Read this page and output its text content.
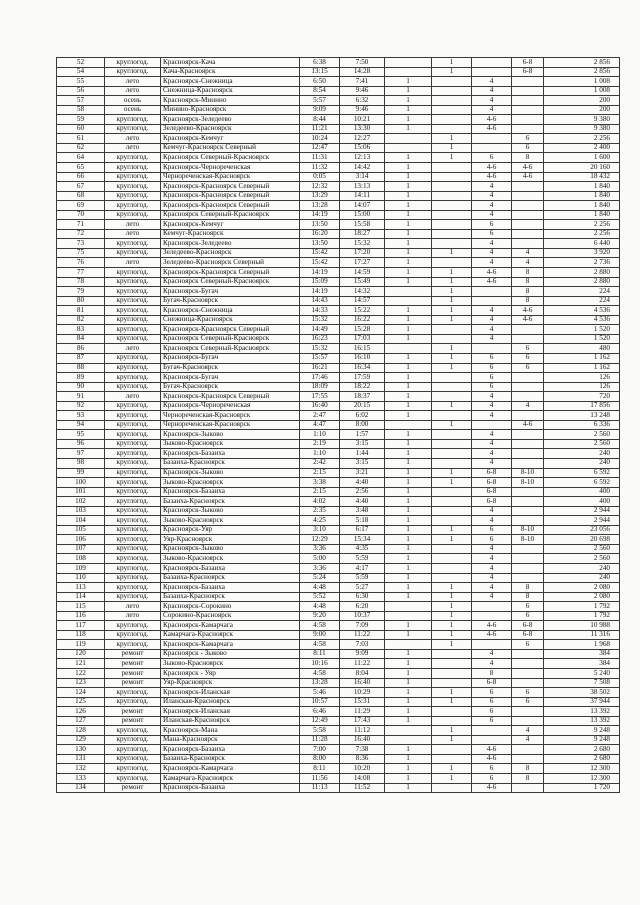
52	круглогод.	Красноярск-Кача	6:38	7:50		1		6-8	2 856
54	круглогод.	Кача-Красноярск	13:15	14:28		1		6-8	2 856
55	лето	Красноярск-Снежница	6:50	7:41	1		4		1 008
56	лето	Снежница-Красноярск	8:54	9:46	1		4		1 008
57	осень	Красноярск-Минино	5:57	6:32	1		4		200
58	осень	Минино-Красноярск	9:09	9:46	1		4		200
59	круглогод.	Красноярск-Зеледеево	8:44	10:21	1		4-6		9 380
60	круглогод.	Зеледеево-Красноярск	11:21	13:30	1		4-6		9 380
61	лето	Красноярск-Кемчуг	10:24	12:27		1		6	2 256
62	лето	Кемчуг-Красноярск Северный	12:47	15:06		1		6	2 400
64	круглогод.	Красноярск Северный-Красноярск	11:31	12:13	1	1	6	8	1 600
65	круглогод.	Красноярск-Чернореченская	11:32	14:42	1		4-6	4-6	20 160
66	круглогод.	Чернореченская-Красноярск	0:05	3:14	1		4-6	4-6	18 432
67	круглогод.	Красноярск-Красноярск Северный	12:32	13:13	1		4		1 840
68	круглогод.	Красноярск-Красноярск Северный	13:29	14:11	1		4		1 840
69	круглогод.	Красноярск-Красноярск Северный	13:28	14:07	1		4		1 840
70	круглогод.	Красноярск Северный-Красноярск	14:19	15:00	1		4		1 840
71	лето	Красноярск-Кемчуг	13:50	15:58	1		6		2 256
72	лето	Кемчуг-Красноярск	16:20	18:27	1		6		2 256
73	круглогод.	Красноярск-Зеледеево	13:50	15:32	1		4		6 440
75	круглогод.	Зеледеево-Красноярск	15:42	17:20	1	1	4	4	3 920
76	лето	Зеледеево-Красноярск Северный	15:42	17:27	1		4	4	2 736
77	круглогод.	Красноярск-Красноярск Северный	14:19	14:59	1	1	4-6	8	2 880
78	круглогод.	Красноярск Северный-Красноярск	15:09	15:49	1	1	4-6	8	2 880
79	круглогод.	Красноярск-Бугач	14:19	14:32		1		8	224
80	круглогод.	Бугач-Красноярск	14:43	14:57		1		8	224
81	круглогод.	Красноярск-Снежница	14:33	15:22	1	1	4	4-6	4 536
82	круглогод.	Снежница-Красноярск	15:32	16:22	1	1	4	4-6	4 536
83	круглогод.	Красноярск-Красноярск Северный	14:49	15:28	1		4		1 520
84	круглогод.	Красноярск Северный-Красноярск	16:23	17:03	1		4		1 520
86	лето	Красноярск Северный-Красноярск	15:32	16:15		1		6	480
87	круглогод.	Красноярск-Бугач	15:57	16:10	1	1	6	6	1 162
88	круглогод.	Бугач-Красноярск	16:21	16:34	1	1	6	6	1 162
89	круглогод.	Красноярск-Бугач	17:46	17:59	1		6		126
90	круглогод.	Бугач-Красноярск	18:09	18:22	1		6		126
91	лето	Красноярск-Красноярск Северный	17:55	18:37	1		4		720
92	круглогод.	Красноярск-Чернореченская	16:40	20:15	1	1	4	4	17 856
93	круглогод.	Чернореченская-Красноярск	2:47	6:02	1		4		13 248
94	круглогод.	Чернореченская-Красноярск	4:47	8:00		1		4-6	6 336
95	круглогод.	Красноярск-Зыково	1:10	1:57	1		4		2 560
96	круглогод.	Зыково-Красноярск	2:19	3:15	1		4		2 560
97	круглогод.	Красноярск-Базаиха	1:10	1:44	1		4		240
98	круглогод.	Базаиха-Красноярск	2:42	3:15	1		4		240
99	круглогод.	Красноярск-Зыково	2:15	3:21	1	1	6-8	8-10	6 592
100	круглогод.	Зыково-Красноярск	3:38	4:40	1	1	6-8	8-10	6 592
101	круглогод.	Красноярск-Базаиха	2:15	2:56	1		6-8		400
102	круглогод.	Базаиха-Красноярск	4:02	4:40	1		6-8		400
103	круглогод.	Красноярск-Зыково	2:35	3:48	1		4		2 944
104	круглогод.	Зыково-Красноярск	4:25	5:18	1		4		2 944
105	круглогод.	Красноярск-Уяр	3:10	6:17	1	1	6	8-10	23 056
106	круглогод.	Уяр-Красноярск	12:29	15:34	1	1	6	8-10	20 698
107	круглогод.	Красноярск-Зыково	3:36	4:35	1		4		2 560
108	круглогод.	Зыково-Красноярск	5:00	5:59	1		4		2 560
109	круглогод.	Красноярск-Базаиха	3:36	4:17	1		4		240
110	круглогод.	Базаиха-Красноярск	5:24	5:59	1		4		240
113	круглогод.	Красноярск-Базаиха	4:48	5:27	1	1	4	8	2 080
114	круглогод.	Базаиха-Красноярск	5:52	6:30	1	1	4	8	2 080
115	лето	Красноярск-Сорокино	4:48	6:20		1		6	1 792
116	лето	Сорокино-Красноярск	9:20	10:37		1		6	1 792
117	круглогод.	Красноярск-Камарчага	4:58	7:09	1	1	4-6	6-8	10 988
118	круглогод.	Камарчага-Красноярск	9:00	11:22	1	1	4-6	6-8	11 316
119	круглогод.	Красноярск-Камарчага	4:58	7:03		1		6	1 968
120	ремонт	Красноярск - Зыково	8:11	9:09	1		4		384
121	ремонт	Зыково-Красноярск	10:16	11:22	1		4		384
122	ремонт	Красноярск - Уяр	4:58	8:04	1		8		5 240
123	ремонт	Уяр-Красноярск	13:28	16:40	1		6-8		7 508
124	круглогод.	Красноярск-Иланская	5:46	10:29	1	1	6	6	38 502
125	круглогод.	Иланская-Красноярск	10:57	15:31	1	1	6	6	37 944
126	ремонт	Красноярск-Иланская	6:46	11:29	1		6		13 392
127	ремонт	Иланская-Красноярск	12:49	17:43	1		6		13 392
128	круглогод.	Красноярск-Мана	5:58	11:12		1		4	9 248
129	круглогод.	Мана-Красноярск	11:28	16:40		1		4	9 248
130	круглогод.	Красноярск-Базаиха	7:00	7:38	1		4-6		2 680
131	круглогод.	Базаиха-Красноярск	8:00	8:36	1		4-6		2 680
132	круглогод.	Красноярск-Камарчага	8:11	10:20	1	1	6	8	12 300
133	круглогод.	Камарчага-Красноярск	11:56	14:08	1	1	6	8	12 300
134	ремонт	Красноярск-Базаиха	11:13	11:52	1		4-6		1 720
